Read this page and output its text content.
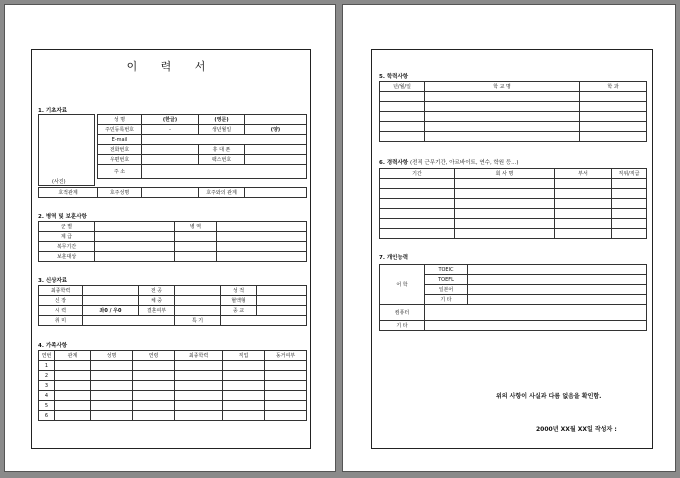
이 력 서
1. 기초자료
(사진)
성 명	(한글)	(영문)	
주민등록번호	-	생년월일	(양)
E-mail			
전화번호		휴 대 폰	
우편번호		팩스번호	
주 소			
호적관계	호주성명		호주와의 관계	
2. 병역 및 보훈사항
군 별		병 역	
계 급			
복무기간			
보훈대상			
3. 신상자료
최종학력		전 공		성 적	
신 장		체 중		혈액형	
시 력	좌0 / 우0	결혼여부		종 교	
취 미			특 기		
4. 가족사항
연번	관계	성명	연령	최종학력	직업	동거여부
1						
2						
3						
4						
5						
6						
5. 학력사항
년/월/일	학 교 명	학 과

6. 경력사항 (전직 근무기간, 아르바이트, 연수, 학원 등...)
기간	회 사 명	부서	직위/직급

7. 개인능력
어 학	TOEIC	
	TOEFL	
	일본어	
	기 타	
컴퓨터		
기 타		
위의 사항이 사실과 다름 없음을 확인함.
2000년 XX월 XX일 작성자 :
